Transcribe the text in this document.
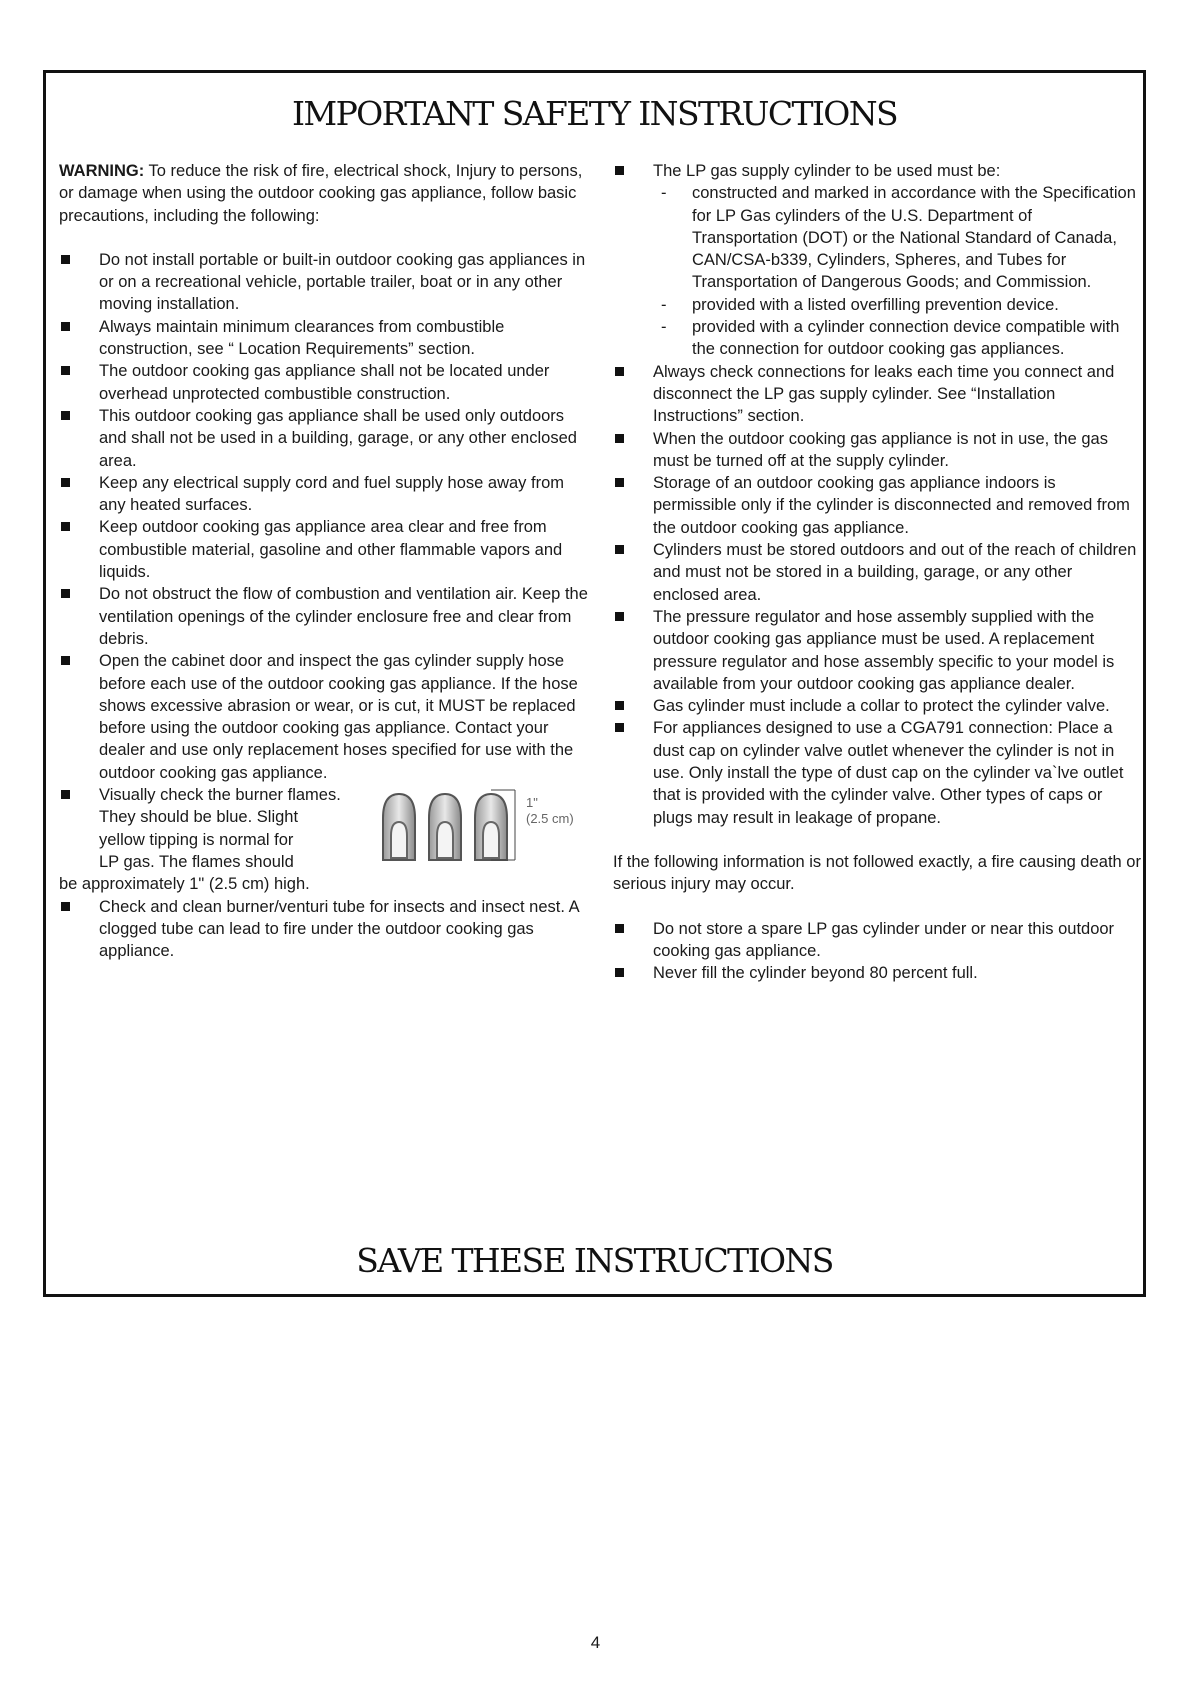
IMPORTANT SAFETY INSTRUCTIONS
SAVE THESE INSTRUCTIONS

WARNING: To reduce the risk of fire, electrical shock, Injury to persons, or damage when using the outdoor cooking gas appliance, follow basic precautions, including the following:

Do not install portable or built-in outdoor cooking gas appliances in or on a recreational vehicle, portable trailer, boat or in any other moving installation.
Always maintain minimum clearances from combustible construction, see “ Location Requirements” section.
The outdoor cooking gas appliance shall not be located under overhead unprotected combustible construction.
This outdoor cooking gas appliance shall be used only outdoors and shall not be used in a building, garage, or any other enclosed area.
Keep any electrical supply cord and fuel supply hose away from any heated surfaces.
Keep outdoor cooking gas appliance area clear and free from combustible material, gasoline and other flammable vapors and liquids.
Do not obstruct the flow of combustion and ventilation air. Keep the ventilation openings of the cylinder enclosure free and clear from debris.
Open the cabinet door and inspect the gas cylinder supply hose before each use of the outdoor cooking gas appliance. If the hose shows excessive abrasion or wear, or is cut, it MUST be replaced before using the outdoor cooking gas appliance. Contact your dealer and use only replacement hoses specified for use with the outdoor cooking gas appliance.
Visually check the burner flames.
They should be blue. Slight
yellow tipping is normal for
LP gas. The flames should
be approximately 1" (2.5 cm) high.
1"
(2.5 cm)
Check and clean burner/venturi tube for insects and insect nest. A clogged tube can lead to fire under the outdoor cooking gas appliance.
The LP gas supply cylinder to be used must be:
- constructed and marked in accordance with the Specification for LP Gas cylinders of the U.S. Department of Transportation (DOT) or the National Standard of Canada, CAN/CSA-b339, Cylinders, Spheres, and Tubes for Transportation of Dangerous Goods; and Commission.
- provided with a listed overfilling prevention device.
- provided with a cylinder connection device compatible with the connection for outdoor cooking gas appliances.
Always check connections for leaks each time you connect and disconnect the LP gas supply cylinder. See “Installation Instructions” section.
When the outdoor cooking gas appliance is not in use, the gas must be turned off at the supply cylinder.
Storage of an outdoor cooking gas appliance indoors is permissible only if the cylinder is disconnected and removed from the outdoor cooking gas appliance.
Cylinders must be stored outdoors and out of the reach of children and must not be stored in a building, garage, or any other enclosed area.
The pressure regulator and hose assembly supplied with the outdoor cooking gas appliance must be used. A replacement pressure regulator and hose assembly specific to your model is available from your outdoor cooking gas appliance dealer.
Gas cylinder must include a collar to protect the cylinder valve.
For appliances designed to use a CGA791 connection: Place a dust cap on cylinder valve outlet whenever the cylinder is not in use. Only install the type of dust cap on the cylinder va`lve outlet that is provided with the cylinder valve. Other types of caps or plugs may result in leakage of propane.

If the following information is not followed exactly, a fire causing death or serious injury may occur.

Do not store a spare LP gas cylinder under or near this outdoor cooking gas appliance.
Never fill the cylinder beyond 80 percent full.
4
